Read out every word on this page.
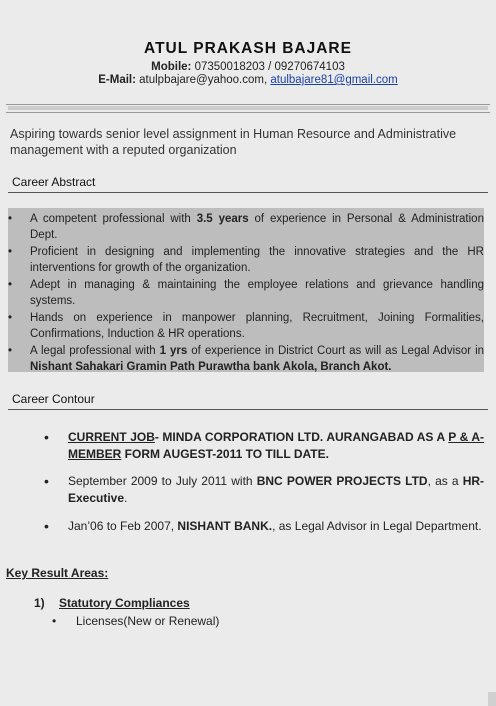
ATUL PRAKASH BAJARE
Mobile: 07350018203 / 09270674103
E-Mail: atulpbajare@yahoo.com, atulbajare81@gmail.com
Aspiring towards senior level assignment in Human Resource and Administrative management with a reputed organization
Career Abstract
•	A competent professional with 3.5 years of experience in Personal & Administration Dept.
•	Proficient in designing and implementing the innovative strategies and the HR interventions for growth of the organization.
•	Adept in managing & maintaining the employee relations and grievance handling systems.
•	Hands on experience in manpower planning, Recruitment, Joining Formalities, Confirmations, Induction & HR operations.
•	A legal professional with 1 yrs of experience in District Court as will as Legal Advisor in Nishant Sahakari Gramin Path Purawtha bank Akola, Branch Akot.
Career Contour
•	CURRENT JOB- MINDA CORPORATION LTD. AURANGABAD AS A P & A-MEMBER FORM AUGEST-2011 TO TILL DATE.
•	September 2009 to July 2011 with BNC POWER PROJECTS LTD, as a HR-Executive.
•	Jan’06 to Feb 2007, NISHANT BANK., as Legal Advisor in Legal Department.
Key Result Areas:
1) Statutory Compliances
• Licenses(New or Renewal)
